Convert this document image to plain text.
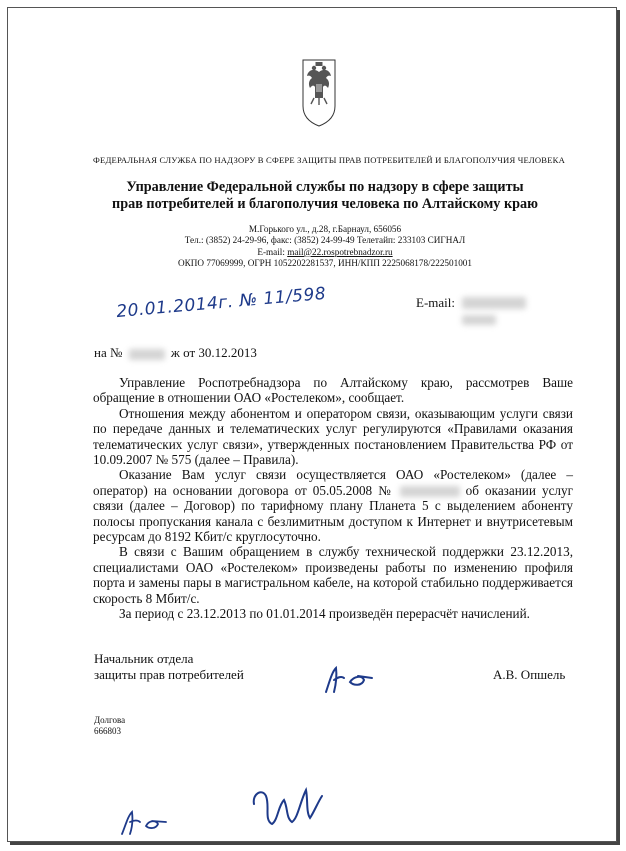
ФЕДЕРАЛЬНАЯ СЛУЖБА ПО НАДЗОРУ В СФЕРЕ ЗАЩИТЫ ПРАВ ПОТРЕБИТЕЛЕЙ И БЛАГОПОЛУЧИЯ ЧЕЛОВЕКА
Управление Федеральной службы по надзору в сфере защиты
прав потребителей и благополучия человека по Алтайскому краю
М.Горького ул., д.28, г.Барнаул, 656056
Тел.: (3852) 24-29-96, факс: (3852) 24-99-49 Телетайп: 233103 СИГНАЛ
E-mail: mail@22.rospotrebnadzor.ru
ОКПО 77069999, ОГРН 1052202281537, ИНН/КПП 2225068178/222501001
20.01.2014г. № 11/598	E-mail:
на №	ж от 30.12.2013

Управление Роспотребнадзора по Алтайскому краю, рассмотрев Ваше обращение в отношении ОАО «Ростелеком», сообщает.

Отношения между абонентом и оператором связи, оказывающим услуги связи по передаче данных и телематических услуг регулируются «Правилами оказания телематических услуг связи», утвержденных постановлением Правительства РФ от 10.09.2007 № 575 (далее – Правила).

Оказание Вам услуг связи осуществляется ОАО «Ростелеком» (далее – оператор) на основании договора от 05.05.2008 №	об оказании услуг связи (далее – Договор) по тарифному плану Планета 5 с выделением абоненту полосы пропускания канала с безлимитным доступом к Интернет и внутрисетевым ресурсам до 8192 Кбит/с круглосуточно.

В связи с Вашим обращением в службу технической поддержки 23.12.2013, специалистами ОАО «Ростелеком» произведены работы по изменению профиля порта и замены пары в магистральном кабеле, на которой стабильно поддерживается скорость 8 Мбит/с.

За период с 23.12.2013 по 01.01.2014 произведён перерасчёт начислений.

Начальник отдела
защиты прав потребителей	А.В. Опшель
Долгова
666803
